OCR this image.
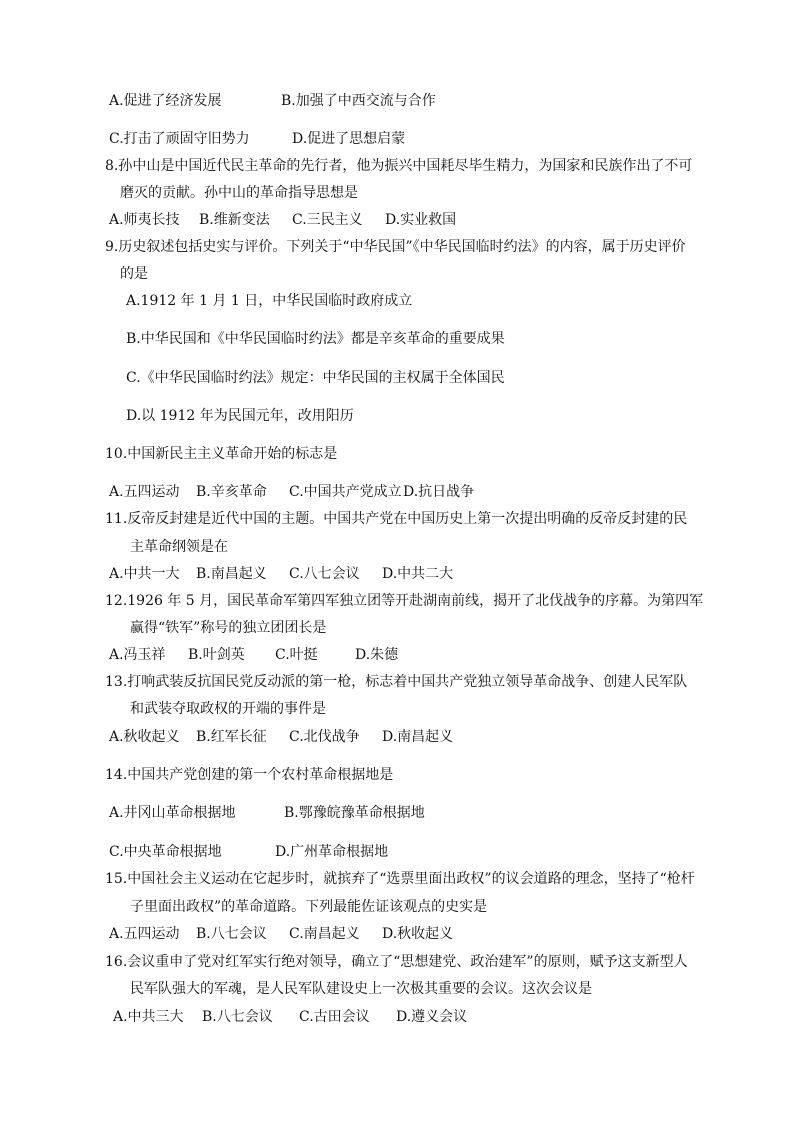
A.促进了经济发展	B.加强了中西交流与合作
C.打击了顽固守旧势力	D.促进了思想启蒙
8.孙中山是中国近代民主革命的先行者，他为振兴中国耗尽毕生精力，为国家和民族作出了不可
磨灭的贡献。孙中山的革命指导思想是
A.师夷长技 B.维新变法 C.三民主义 D.实业救国
9.历史叙述包括史实与评价。下列关于“中华民国”《中华民国临时约法》的内容，属于历史评价
的是
A.1912 年 1 月 1 日，中华民国临时政府成立
B.中华民国和《中华民国临时约法》都是辛亥革命的重要成果
C.《中华民国临时约法》规定：中华民国的主权属于全体国民
D.以 1912 年为民国元年，改用阳历
10.中国新民主主义革命开始的标志是
A.五四运动 B.辛亥革命 C.中国共产党成立 D.抗日战争
11.反帝反封建是近代中国的主题。中国共产党在中国历史上第一次提出明确的反帝反封建的民
主革命纲领是在
A.中共一大 B.南昌起义 C.八七会议 D.中共二大
12.1926 年 5 月，国民革命军第四军独立团等开赴湖南前线，揭开了北伐战争的序幕。为第四军
赢得“铁军”称号的独立团团长是
A.冯玉祥 B.叶剑英 C.叶挺	D.朱德
13.打响武装反抗国民党反动派的第一枪，标志着中国共产党独立领导革命战争、创建人民军队
和武装夺取政权的开端的事件是
A.秋收起义 B.红军长征 C.北伐战争 D.南昌起义
14.中国共产党创建的第一个农村革命根据地是
A.井冈山革命根据地	B.鄂豫皖豫革命根据地
C.中央革命根据地	D.广州革命根据地
15.中国社会主义运动在它起步时，就摈弃了“选票里面出政权”的议会道路的理念，坚持了“枪杆
子里面出政权”的革命道路。下列最能佐证该观点的史实是
A.五四运动 B.八七会议 C.南昌起义 D.秋收起义
16.会议重申了党对红军实行绝对领导，确立了“思想建党、政治建军”的原则，赋予这支新型人
民军队强大的军魂，是人民军队建设史上一次极其重要的会议。这次会议是
A.中共三大 B.八七会议 C.古田会议 D.遵义会议
